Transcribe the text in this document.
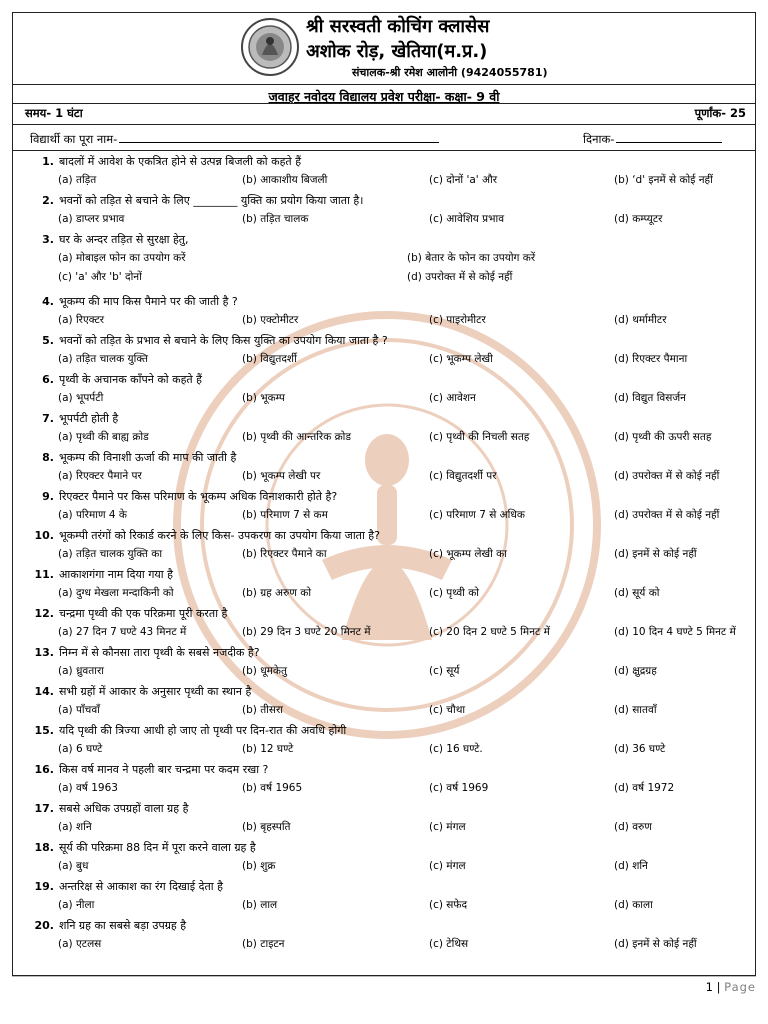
श्री सरस्वती कोचिंग क्लासेस
अशोक रोड़, खेतिया(म.प्र.)
संचालक-श्री रमेश आलोनी (9424055781)
जवाहर नवोदय विद्यालय प्रवेश परीक्षा- कक्षा- 9 वी
समय- 1 घंटा	पूर्णांक- 25
विद्यार्थी का पूरा नाम-	दिनाक-
1. बादलों में आवेश के एकत्रित होने से उत्पन्न बिजली को कहते हैं
(a) तड़ित	(b) आकाशीय बिजली	(c) दोनों 'a' और	(b) ‘d' इनमें से कोई नहीं
2. भवनों को तड़ित से बचाने के लिए ________ युक्ति का प्रयोग किया जाता है।
(a) डाप्लर प्रभाव	(b) तड़ित चालक	(c) आवेशिय प्रभाव	(d) कम्प्यूटर
3. घर के अन्दर तड़ित से सुरक्षा हेतु,
(a) मोबाइल फोन का उपयोग करें	(b) बेतार के फोन का उपयोग करें
(c) 'a' और 'b' दोनों	(d) उपरोक्त में से कोई नहीं
4. भूकम्प की माप किस पैमाने पर की जाती है ?
(a) रिएक्टर	(b) एक्टोमीटर	(c) पाइरोमीटर	(d) थर्मामीटर
5. भवनों को तड़ित के प्रभाव से बचाने के लिए किस युक्ति का उपयोग किया जाता है ?
(a) तड़ित चालक युक्ति	(b) विद्युतदर्शी	(c) भूकम्प लेखी	(d) रिएक्टर पैमाना
6. पृथ्वी के अचानक काँपने को कहते हैं
(a) भूपर्पटी	(b) भूकम्प	(c) आवेशन	(d) विद्युत विसर्जन
7. भूपर्पटी होती है
(a) पृथ्वी की बाह्य क्रोड	(b) पृथ्वी की आन्तरिक क्रोड	(c) पृथ्वी की निचली सतह	(d) पृथ्वी की ऊपरी सतह
8. भूकम्प की विनाशी ऊर्जा की माप की जाती है
(a) रिएक्टर पैमाने पर	(b) भूकम्प लेखी पर	(c) विद्युतदर्शी पर	(d) उपरोक्त में से कोई नहीं
9. रिएक्टर पैमाने पर किस परिमाण के भूकम्प अधिक विनाशकारी होते है?
(a) परिमाण 4 के	(b) परिमाण 7 से कम	(c) परिमाण 7 से अधिक	(d) उपरोक्त में से कोई नहीं
10. भूकम्पी तरंगों को रिकार्ड करने के लिए किस- उपकरण का उपयोग किया जाता है?
(a) तड़ित चालक युक्ति का	(b) रिएक्टर पैमाने का	(c) भूकम्प लेखी का	(d) इनमें से कोई नहीं
11. आकाशगंगा नाम दिया गया है
(a) दुग्ध मेखला मन्दाकिनी को	(b) ग्रह अरुण को	(c) पृथ्वी को	(d) सूर्य को
12. चन्द्रमा पृथ्वी की एक परिक्रमा पूरी करता है
(a) 27 दिन 7 घण्टे 43 मिनट में	(b) 29 दिन 3 घण्टे 20 मिनट में	(c) 20 दिन 2 घण्टे 5 मिनट में	(d) 10 दिन 4 घण्टे 5 मिनट में
13. निम्न में से कौनसा तारा पृथ्वी के सबसे नजदीक है?
(a) ध्रुवतारा	(b) धूमकेतु	(c) सूर्य	(d) क्षुद्रग्रह
14. सभी ग्रहों में आकार के अनुसार पृथ्वी का स्थान है
(a) पाँचवाँ	(b) तीसरा	(c) चौथा	(d) सातवाँ
15. यदि पृथ्वी की त्रिज्या आधी हो जाए तो पृथ्वी पर दिन-रात की अवधि होगी
(a) 6 घण्टे	(b) 12 घण्टे	(c) 16 घण्टे.	(d) 36 घण्टे
16. किस वर्ष मानव ने पहली बार चन्द्रमा पर कदम रखा ?
(a) वर्ष 1963	(b) वर्ष 1965	(c) वर्ष 1969	(d) वर्ष 1972
17. सबसे अधिक उपग्रहों वाला ग्रह है
(a) शनि	(b) बृहस्पति	(c) मंगल	(d) वरुण
18. सूर्य की परिक्रमा 88 दिन में पूरा करने वाला ग्रह है
(a) बुध	(b) शुक्र	(c) मंगल	(d) शनि
19. अन्तरिक्ष से आकाश का रंग दिखाई देता है
(a) नीला	(b) लाल	(c) सफेद	(d) काला
20. शनि ग्रह का सबसे बड़ा उपग्रह है
(a) एटलस	(b) टाइटन	(c) टेथिस	(d) इनमें से कोई नहीं
1 | Page
